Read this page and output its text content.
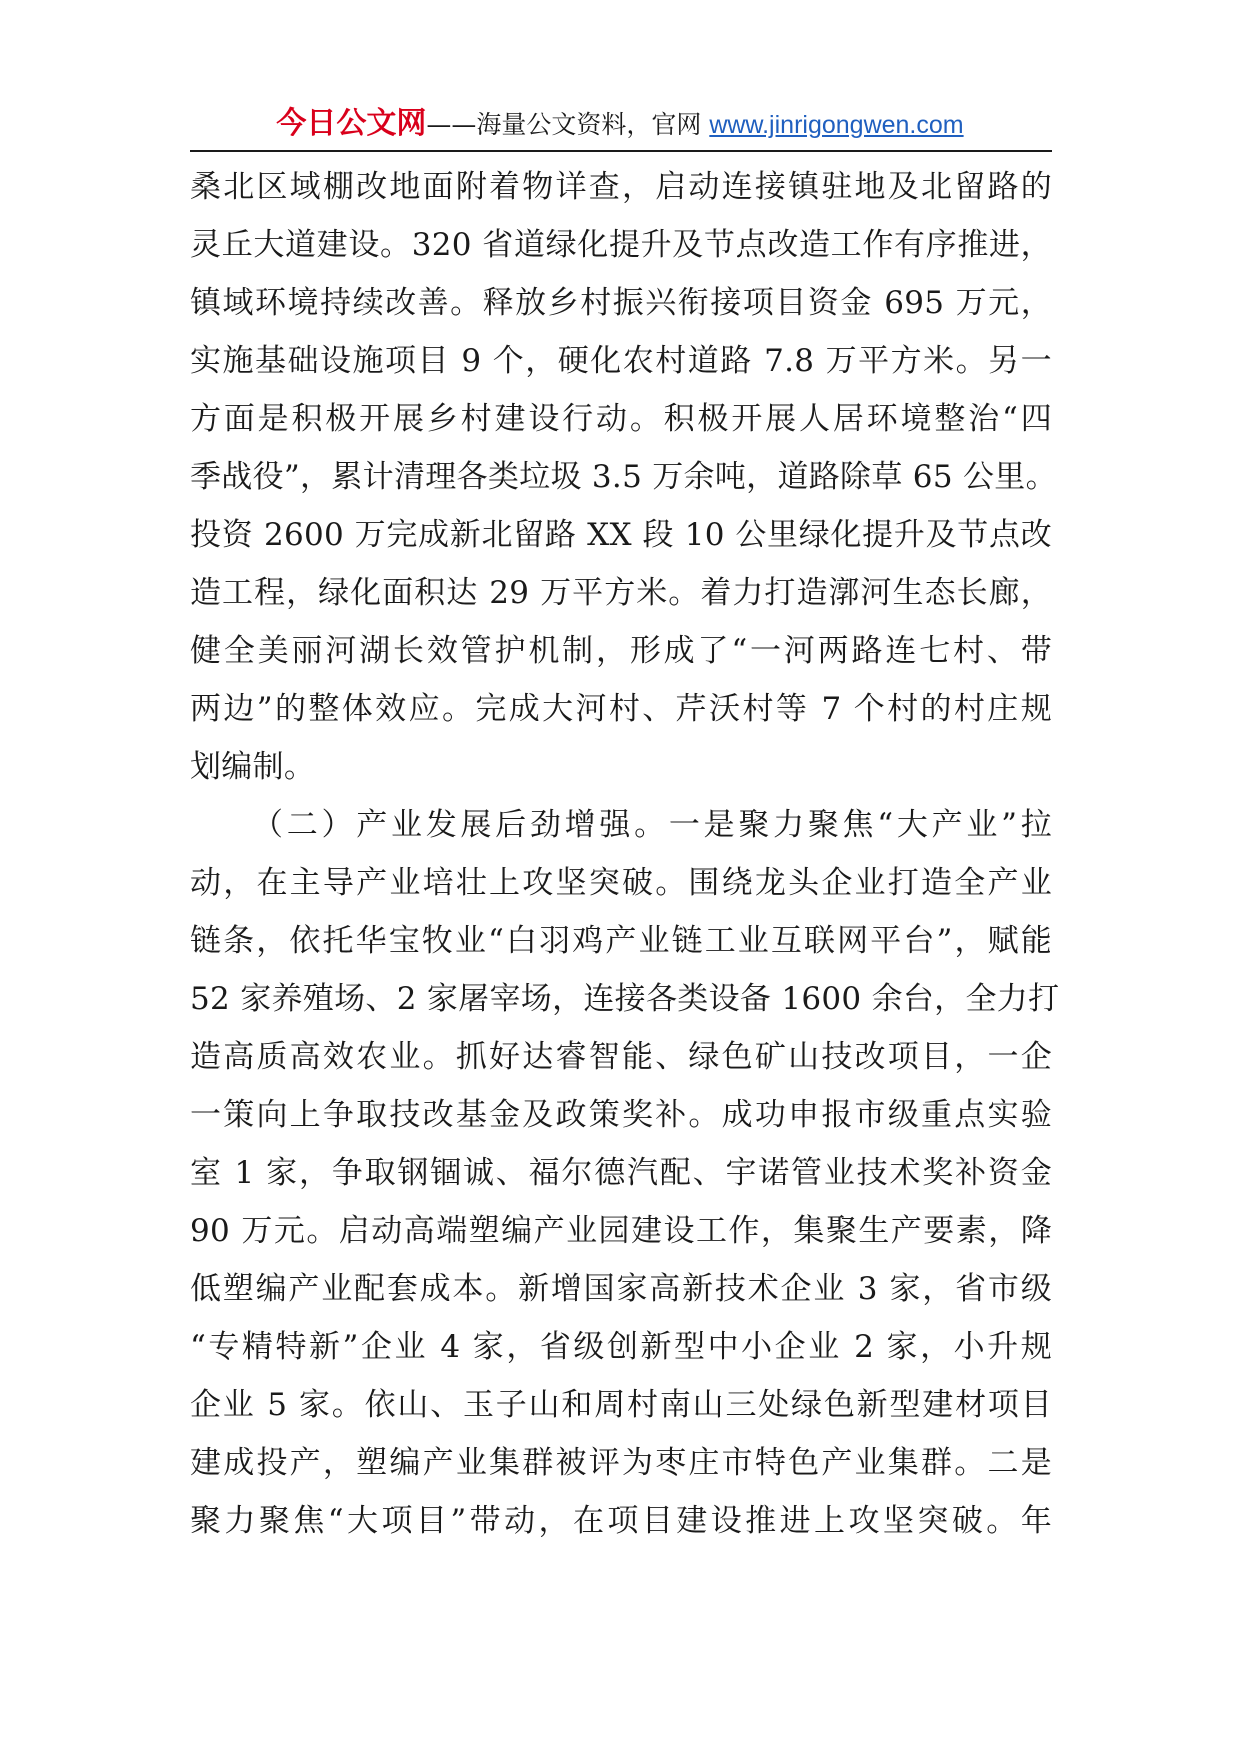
今日公文网——海量公文资料，官网 www.jinrigongwen.com
桑北区域棚改地面附着物详查，启动连接镇驻地及北留路的
灵丘大道建设。320 省道绿化提升及节点改造工作有序推进，
镇域环境持续改善。释放乡村振兴衔接项目资金 695 万元，
实施基础设施项目 9 个，硬化农村道路 7.8 万平方米。另一
方面是积极开展乡村建设行动。积极开展人居环境整治“四
季战役”，累计清理各类垃圾 3.5 万余吨，道路除草 65 公里。
投资 2600 万完成新北留路 XX 段 10 公里绿化提升及节点改
造工程，绿化面积达 29 万平方米。着力打造漷河生态长廊，
健全美丽河湖长效管护机制，形成了“一河两路连七村、带
两边”的整体效应。完成大河村、芹沃村等 7 个村的村庄规
划编制。
（二）产业发展后劲增强。一是聚力聚焦“大产业”拉
动，在主导产业培壮上攻坚突破。围绕龙头企业打造全产业
链条，依托华宝牧业“白羽鸡产业链工业互联网平台”，赋能
52 家养殖场、2 家屠宰场，连接各类设备 1600 余台，全力打
造高质高效农业。抓好达睿智能、绿色矿山技改项目，一企
一策向上争取技改基金及政策奖补。成功申报市级重点实验
室 1 家，争取钢锢诚、福尔德汽配、宇诺管业技术奖补资金
90 万元。启动高端塑编产业园建设工作，集聚生产要素，降
低塑编产业配套成本。新增国家高新技术企业 3 家，省市级
“专精特新”企业 4 家，省级创新型中小企业 2 家，小升规
企业 5 家。依山、玉子山和周村南山三处绿色新型建材项目
建成投产，塑编产业集群被评为枣庄市特色产业集群。二是
聚力聚焦“大项目”带动，在项目建设推进上攻坚突破。年
